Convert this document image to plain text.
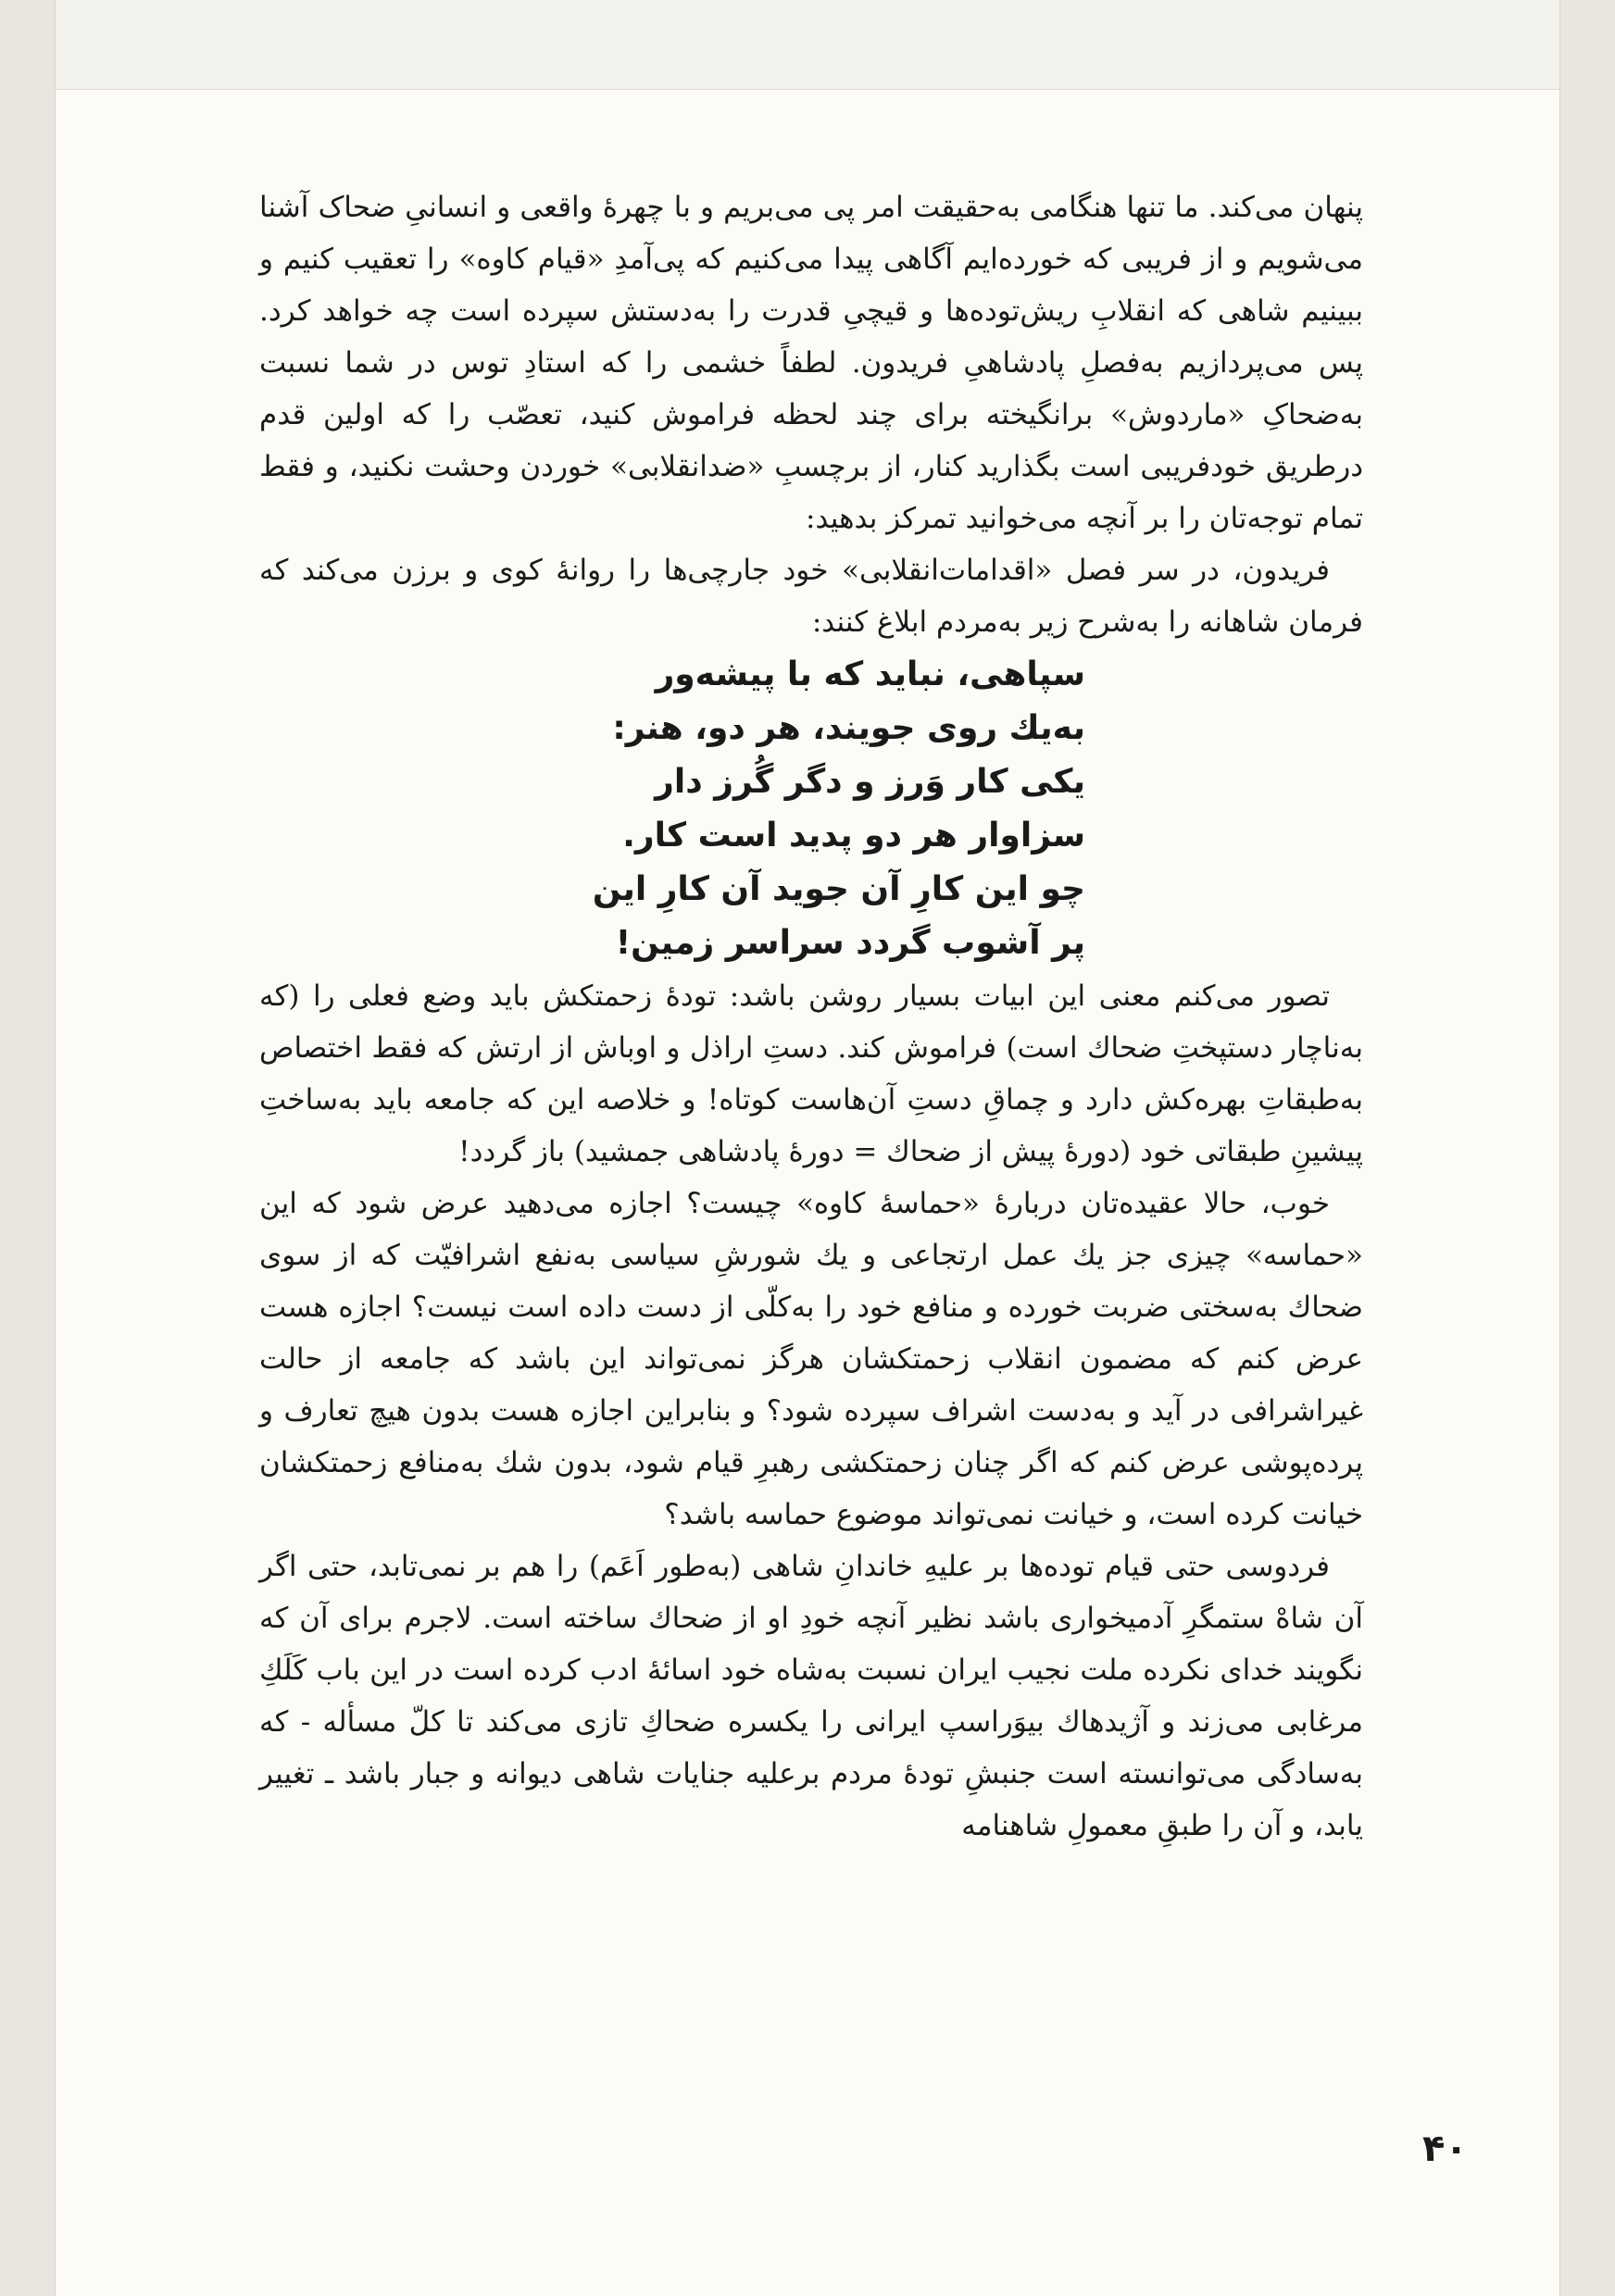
پنهان می‌کند. ما تنها هنگامی به‌حقیقت امر پی می‌بریم و با چهرهٔ واقعی و انسانیِ ضحاک آشنا می‌شویم و از فریبی که خورده‌ایم آگاهی پیدا می‌کنیم که پی‌آمدِ «قیام کاوه» را تعقیب کنیم و ببینیم شاهی که انقلابِ ریش‌توده‌ها و قیچیِ قدرت را به‌دستش سپرده است چه خواهد کرد. پس می‌پردازیم به‌فصلِ پادشاهیِ فریدون. لطفاً خشمی را که استادِ توس در شما نسبت به‌ضحاکِ «ماردوش» برانگیخته برای چند لحظه فراموش کنید، تعصّب را که اولین قدم درطریق خودفریبی است بگذارید کنار، از برچسبِ «ضدانقلابی» خوردن وحشت نکنید، و فقط تمام توجه‌تان را بر آنچه می‌خوانید تمرکز بدهید:

فریدون، در سر فصل «اقدامات‌انقلابی» خود جارچی‌ها را روانهٔ کوی و برزن می‌کند که فرمان شاهانه را به‌شرح زیر به‌مردم ابلاغ کنند:

سپاهی، نباید که با پیشه‌ور
به‌یك روی جویند، هر دو، هنر:
یکی کار وَرز و دگر گُرز دار
سزاوار هر دو پدید است کار.
چو این کارِ آن جوید آن کارِ این
پر آشوب گردد سراسر زمین!

تصور می‌کنم معنی این ابیات بسیار روشن باشد: تودهٔ زحمتکش باید وضع فعلی را (که به‌ناچار دستپختِ ضحاك است) فراموش کند. دستِ اراذل و اوباش از ارتش که فقط اختصاص به‌طبقاتِ بهره‌کش دارد و چماقِ دستِ آن‌هاست کوتاه! و خلاصه این که جامعه باید به‌ساختِ پیشینِ طبقاتی خود (دورهٔ پیش از ضحاك = دورهٔ پادشاهی جمشید) باز گردد!

خوب، حالا عقیده‌تان دربارهٔ «حماسهٔ کاوه» چیست؟ اجازه می‌دهید عرض شود که این «حماسه» چیزی جز یك عمل ارتجاعی و یك شورشِ سیاسی به‌نفع اشرافیّت که از سوی ضحاك به‌سختی ضربت خورده و منافع خود را به‌کلّی از دست داده است نیست؟ اجازه هست عرض کنم که مضمون انقلاب زحمتکشان هرگز نمی‌تواند این باشد که جامعه از حالت غیراشرافی در آید و به‌دست اشراف سپرده شود؟ و بنابراین اجازه هست بدون هیچ تعارف و پرده‌پوشی عرض کنم که اگر چنان زحمتکشی رهبرِ قیام شود، بدون شك به‌منافع زحمتکشان خیانت کرده است، و خیانت نمی‌تواند موضوع حماسه باشد؟

فردوسی حتی قیام توده‌ها بر علیهِ خاندانِ شاهی (به‌طور اَعَم) را هم بر نمی‌تابد، حتی اگر آن شاهْ ستمگرِ آدمیخواری باشد نظیر آنچه خودِ او از ضحاك ساخته است. لاجرم برای آن که نگویند خدای نکرده ملت نجیب ایران نسبت به‌شاه خود اسائهٔ ادب کرده است در این باب کَلَكِ مرغابی می‌زند و آژیدهاك بیوَراسپ ایرانی را یکسره ضحاكِ تازی می‌کند تا کلّ مسأله - که به‌سادگی می‌توانسته است جنبشِ تودهٔ مردم برعلیه جنایات شاهی دیوانه و جبار باشد ـ تغییر یابد، و آن را طبقِ معمولِ شاهنامه

۴۰
